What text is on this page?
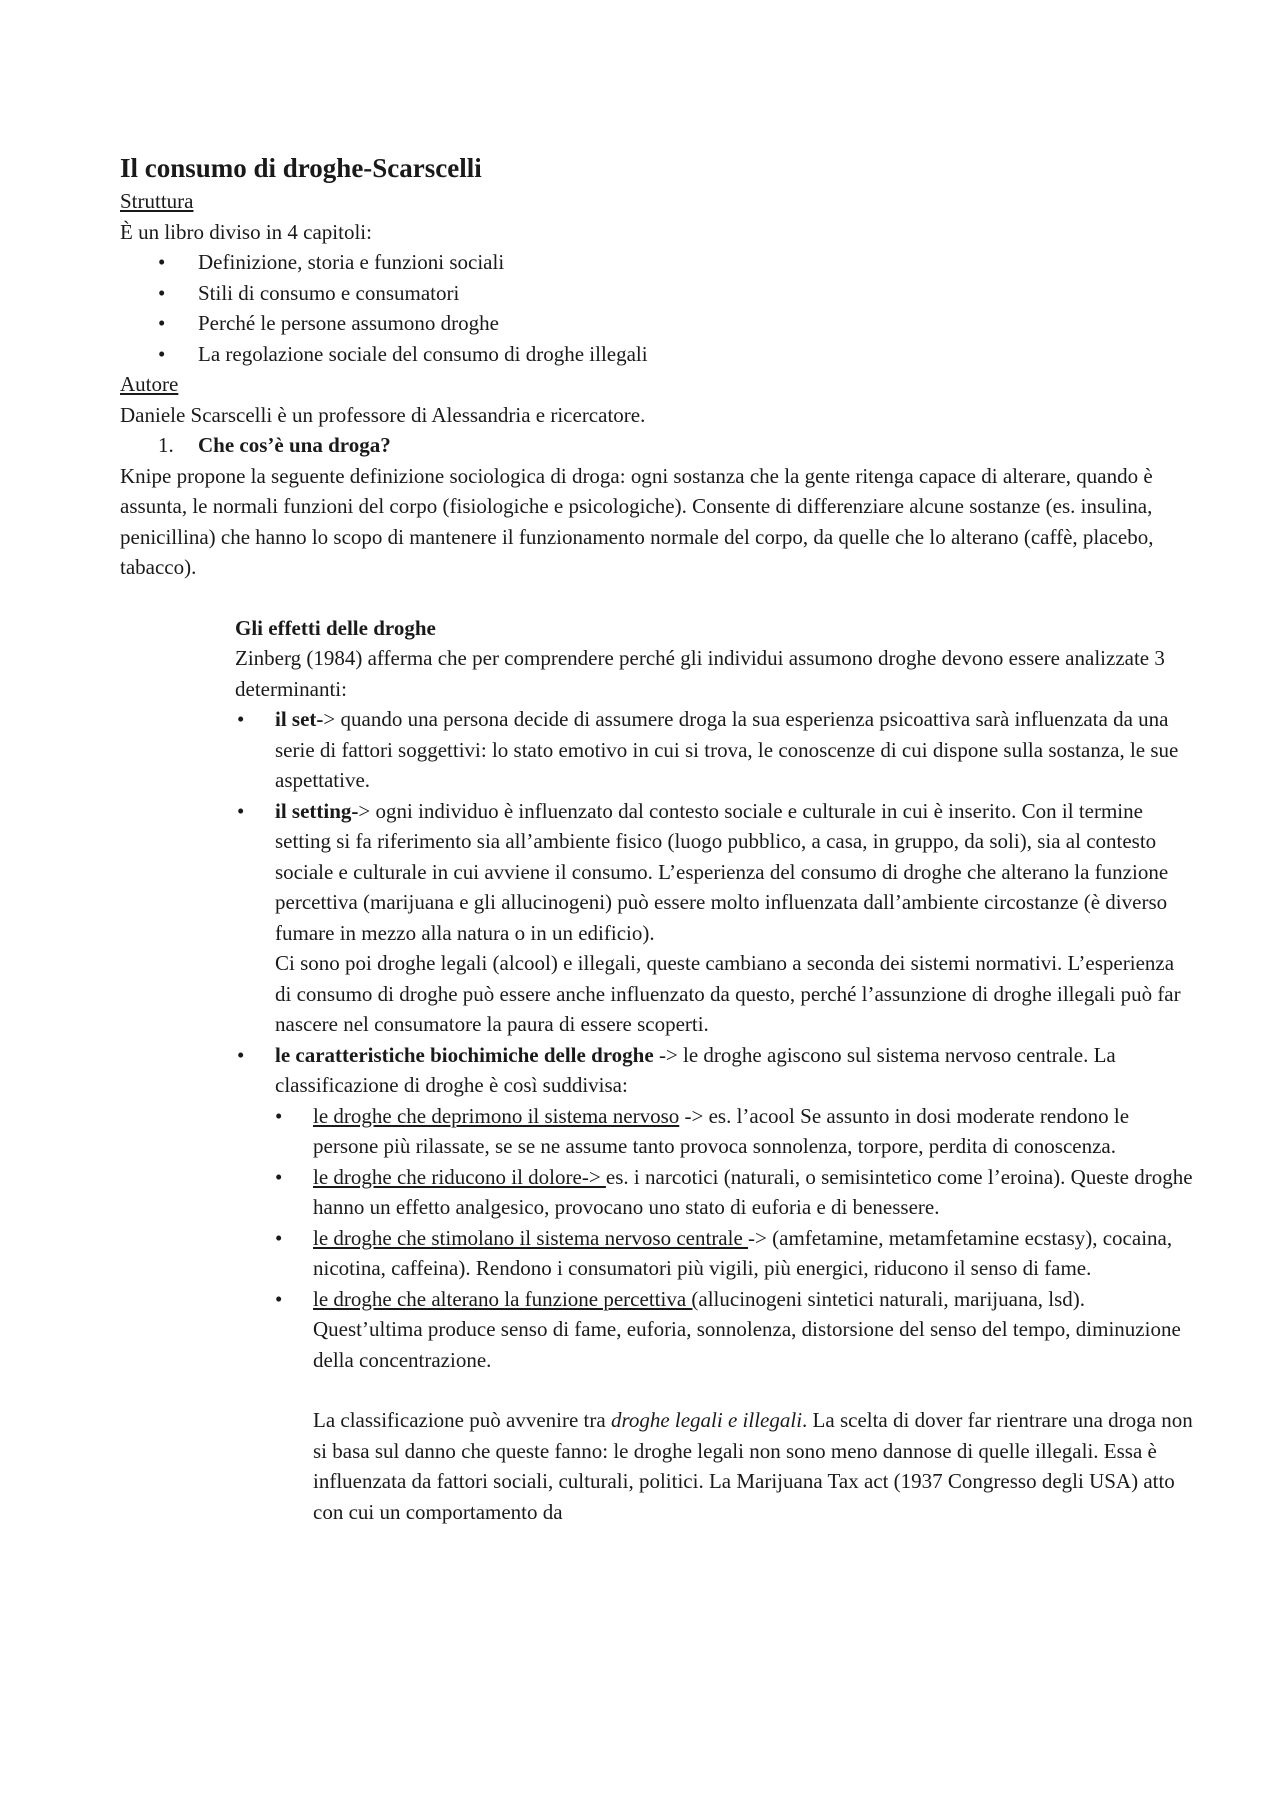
Il consumo di droghe-Scarscelli

Struttura

È un libro diviso in 4 capitoli:

• Definizione, storia e funzioni sociali
• Stili di consumo e consumatori
• Perché le persone assumono droghe
• La regolazione sociale del consumo di droghe illegali

Autore

Daniele Scarscelli è un professore di Alessandria e ricercatore.

1. Che cos’è una droga?

Knipe propone la seguente definizione sociologica di droga: ogni sostanza che la gente ritenga capace di alterare, quando è assunta, le normali funzioni del corpo (fisiologiche e psicologiche). Consente di differenziare alcune sostanze (es. insulina, penicillina) che hanno lo scopo di mantenere il funzionamento normale del corpo, da quelle che lo alterano (caffè, placebo, tabacco).

Gli effetti delle droghe

Zinberg (1984) afferma che per comprendere perché gli individui assumono droghe devono essere analizzate 3 determinanti:

• il set-> quando una persona decide di assumere droga la sua esperienza psicoattiva sarà influenzata da una serie di fattori soggettivi: lo stato emotivo in cui si trova, le conoscenze di cui dispone sulla sostanza, le sue aspettative.
• il setting-> ogni individuo è influenzato dal contesto sociale e culturale in cui è inserito. Con il termine setting si fa riferimento sia all’ambiente fisico (luogo pubblico, a casa, in gruppo, da soli), sia al contesto sociale e culturale in cui avviene il consumo. L’esperienza del consumo di droghe che alterano la funzione percettiva (marijuana e gli allucinogeni) può essere molto influenzata dall’ambiente circostanze (è diverso fumare in mezzo alla natura o in un edificio).

Ci sono poi droghe legali (alcool) e illegali, queste cambiano a seconda dei sistemi normativi. L’esperienza di consumo di droghe può essere anche influenzato da questo, perché l’assunzione di droghe illegali può far nascere nel consumatore la paura di essere scoperti.

• le caratteristiche biochimiche delle droghe -> le droghe agiscono sul sistema nervoso centrale. La classificazione di droghe è così suddivisa:
• le droghe che deprimono il sistema nervoso -> es. l’acool Se assunto in dosi moderate rendono le persone più rilassate, se se ne assume tanto provoca sonnolenza, torpore, perdita di conoscenza.
• le droghe che riducono il dolore-> es. i narcotici (naturali, o semisintetico come l’eroina). Queste droghe hanno un effetto analgesico, provocano uno stato di euforia e di benessere.
• le droghe che stimolano il sistema nervoso centrale -> (amfetamine, metamfetamine ecstasy), cocaina, nicotina, caffeina). Rendono i consumatori più vigili, più energici, riducono il senso di fame.
• le droghe che alterano la funzione percettiva (allucinogeni sintetici naturali, marijuana, lsd). Quest’ultima produce senso di fame, euforia, sonnolenza, distorsione del senso del tempo, diminuzione della concentrazione.

La classificazione può avvenire tra droghe legali e illegali. La scelta di dover far rientrare una droga non si basa sul danno che queste fanno: le droghe legali non sono meno dannose di quelle illegali. Essa è influenzata da fattori sociali, culturali, politici. La Marijuana Tax act (1937 Congresso degli USA) atto con cui un comportamento da
